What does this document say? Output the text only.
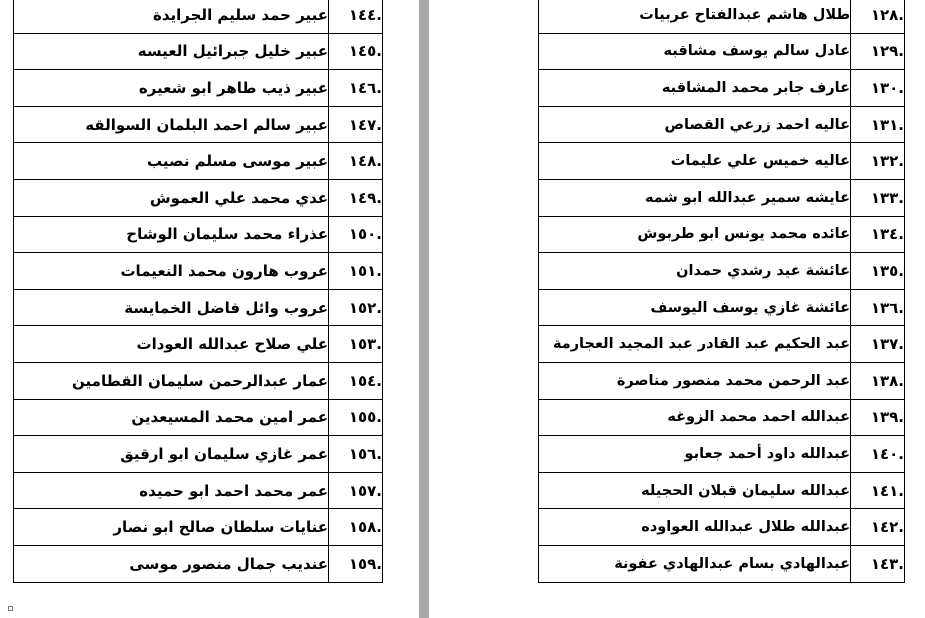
.١٤٤	عبير حمد سليم الجرايدة
.١٤٥	عبير خليل جبرائيل العيسه
.١٤٦	عبير ذيب طاهر ابو شعيره
.١٤٧	عبير سالم احمد البلمان السوالقه
.١٤٨	عبير موسى مسلم نصيب
.١٤٩	عدي محمد علي العموش
.١٥٠	عذراء محمد سليمان الوشاح
.١٥١	عروب هارون محمد النعيمات
.١٥٢	عروب وائل فاضل الخمايسة
.١٥٣	علي صلاح عبدالله العودات
.١٥٤	عمار عبدالرحمن سليمان القطامين
.١٥٥	عمر امين محمد المسيعدين
.١٥٦	عمر غازي سليمان ابو ارقيق
.١٥٧	عمر محمد احمد ابو حميده
.١٥٨	عنايات سلطان صالح ابو نصار
.١٥٩	عنديب جمال منصور موسى
.١٢٨	طلال هاشم عبدالفتاح عربيات
.١٢٩	عادل سالم يوسف مشاقبه
.١٣٠	عارف جابر محمد المشاقبه
.١٣١	عاليه احمد زرعي القصاص
.١٣٢	عاليه خميس علي عليمات
.١٣٣	عايشه سمير عبدالله ابو شمه
.١٣٤	عائده محمد يونس ابو طربوش
.١٣٥	عائشة عيد رشدي حمدان
.١٣٦	عائشة غازي يوسف اليوسف
.١٣٧	عبد الحكيم عبد القادر عبد المجيد العجارمة
.١٣٨	عبد الرحمن محمد منصور مناصرة
.١٣٩	عبدالله احمد محمد الزوغه
.١٤٠	عبدالله داود أحمد جعابو
.١٤١	عبدالله سليمان قبلان الحجيله
.١٤٢	عبدالله طلال عبدالله العواوده
.١٤٣	عبدالهادي بسام عبدالهادي عفونة
